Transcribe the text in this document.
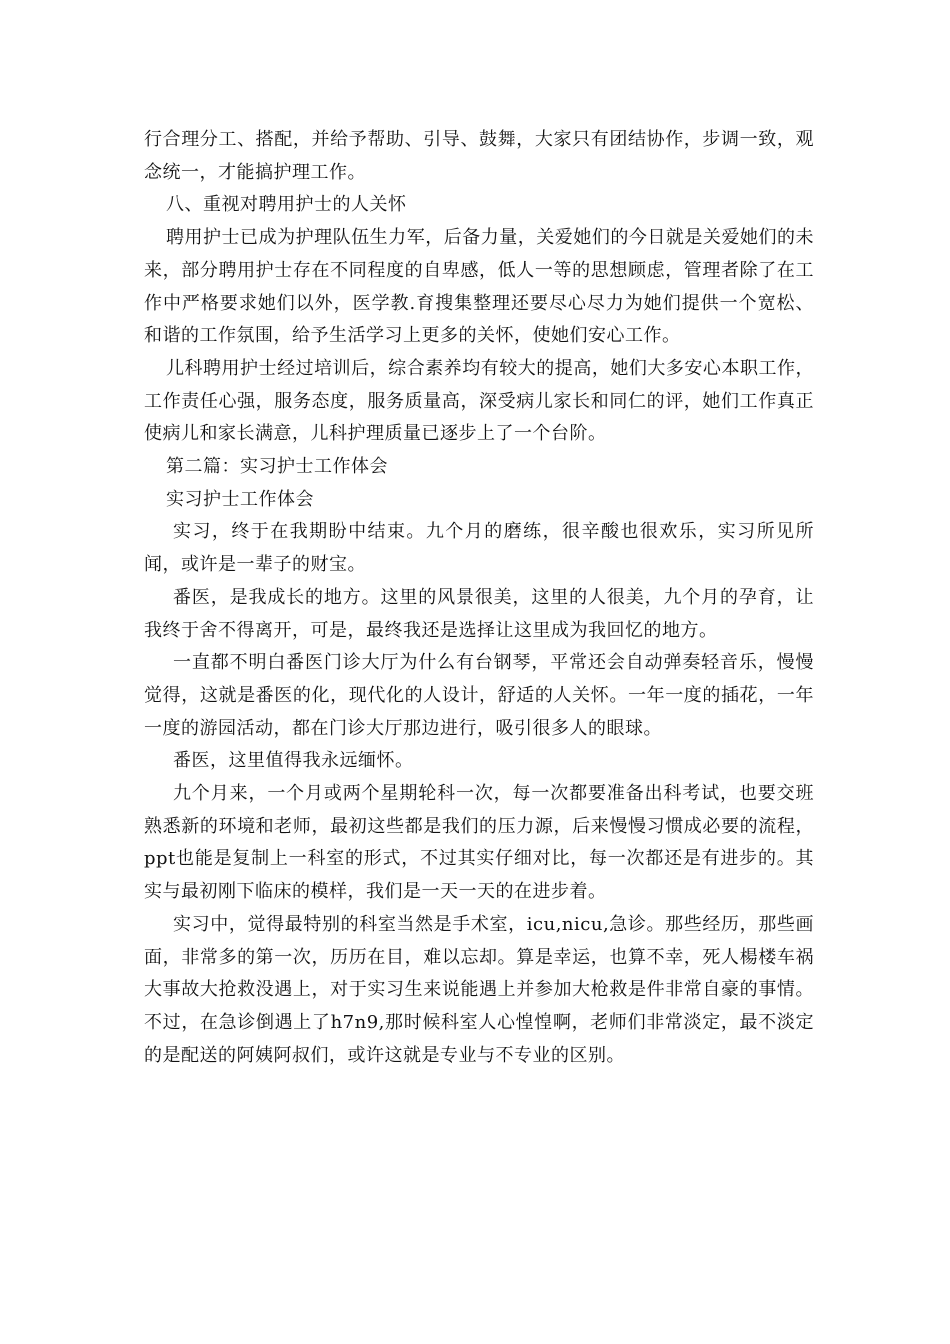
行合理分工、搭配，并给予帮助、引导、鼓舞，大家只有团结协作，步调一致，观念统一，才能搞护理工作。

八、重视对聘用护士的人关怀

聘用护士已成为护理队伍生力军，后备力量，关爱她们的今日就是关爱她们的未来，部分聘用护士存在不同程度的自卑感，低人一等的思想顾虑，管理者除了在工作中严格要求她们以外，医学教.育搜集整理还要尽心尽力为她们提供一个宽松、和谐的工作氛围，给予生活学习上更多的关怀，使她们安心工作。

儿科聘用护士经过培训后，综合素养均有较大的提高，她们大多安心本职工作，工作责任心强，服务态度，服务质量高，深受病儿家长和同仁的评，她们工作真正使病儿和家长满意，儿科护理质量已逐步上了一个台阶。

第二篇：实习护士工作体会

实习护士工作体会

实习，终于在我期盼中结束。九个月的磨练，很辛酸也很欢乐，实习所见所闻，或许是一辈子的财宝。

番医，是我成长的地方。这里的风景很美，这里的人很美，九个月的孕育，让我终于舍不得离开，可是，最终我还是选择让这里成为我回忆的地方。

一直都不明白番医门诊大厅为什么有台钢琴，平常还会自动弹奏轻音乐，慢慢觉得，这就是番医的化，现代化的人设计，舒适的人关怀。一年一度的插花，一年一度的游园活动，都在门诊大厅那边进行，吸引很多人的眼球。

番医，这里值得我永远缅怀。

九个月来，一个月或两个星期轮科一次，每一次都要准备出科考试，也要交班熟悉新的环境和老师，最初这些都是我们的压力源，后来慢慢习惯成必要的流程，ppt也能是复制上一科室的形式，不过其实仔细对比，每一次都还是有进步的。其实与最初刚下临床的模样，我们是一天一天的在进步着。

实习中，觉得最特别的科室当然是手术室，icu,nicu,急诊。那些经历，那些画面，非常多的第一次，历历在目，难以忘却。算是幸运，也算不幸，死人楊楼车祸大事故大抢救没遇上，对于实习生来说能遇上并参加大枪救是件非常自豪的事情。不过，在急诊倒遇上了h7n9,那时候科室人心惶惶啊，老师们非常淡定，最不淡定的是配送的阿姨阿叔们，或许这就是专业与不专业的区别。
